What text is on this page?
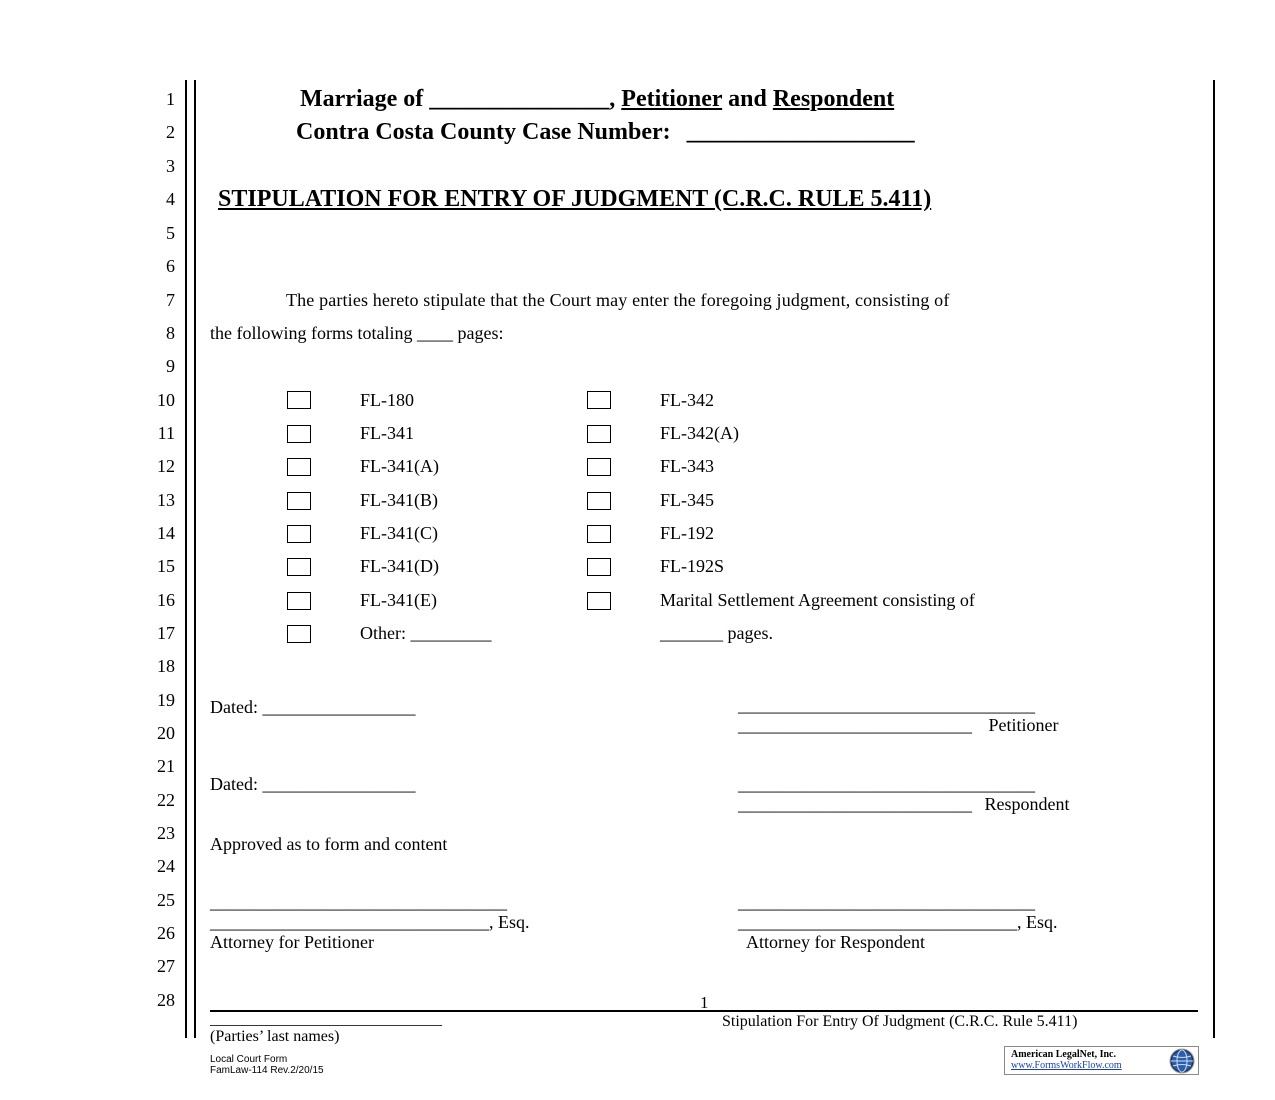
1
2
3
4
5
6
7
8
9
10
11
12
13
14
15
16
17
18
19
20
21
22
23
24
25
26
27
28
Marriage of _______________, Petitioner and Respondent
Contra Costa County Case Number: ___________________
STIPULATION FOR ENTRY OF JUDGMENT (C.R.C. RULE 5.411)
The parties hereto stipulate that the Court may enter the foregoing judgment, consisting of
the following forms totaling ____ pages:
FL-180
FL-341
FL-341(A)
FL-341(B)
FL-341(C)
FL-341(D)
FL-341(E)
Other: _________
FL-342
FL-342(A)
FL-343
FL-345
FL-192
FL-192S
Marital Settlement Agreement consisting of
_______ pages.
Dated: _________________	_________________________________
__________________________ Petitioner
Dated: _________________	_________________________________
__________________________ Respondent
Approved as to form and content
_________________________________
_______________________________, Esq.
Attorney for Petitioner
_________________________________
_______________________________, Esq.
Attorney for Respondent
1
_____________________________
(Parties’ last names)
Stipulation For Entry Of Judgment (C.R.C. Rule 5.411)
Local Court Form
FamLaw-114 Rev.2/20/15
American LegalNet, Inc.
www.FormsWorkFlow.com
